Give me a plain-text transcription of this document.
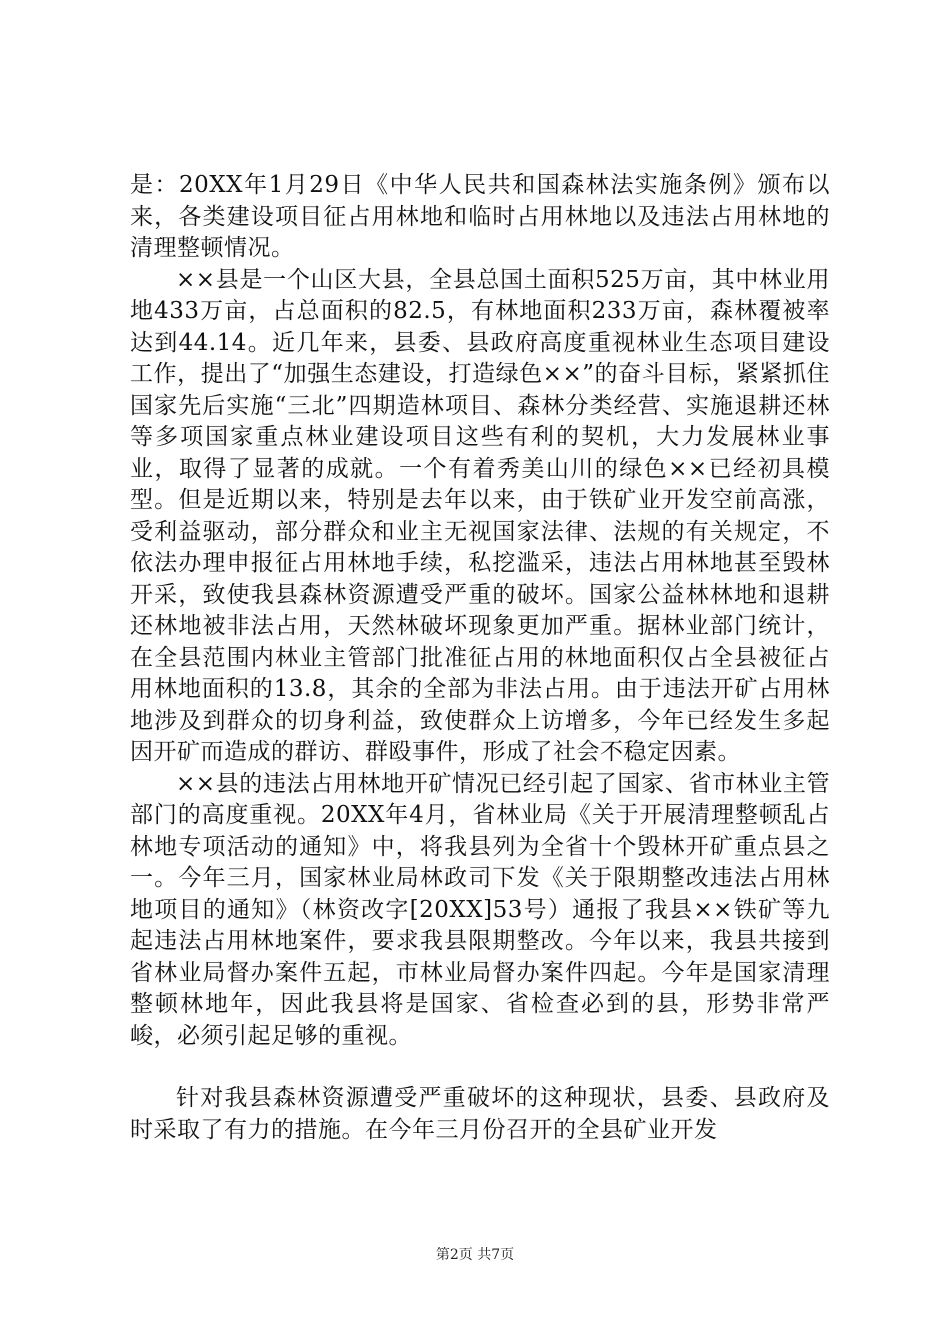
是：20XX年1月29日《中华人民共和国森林法实施条例》颁布以来，各类建设项目征占用林地和临时占用林地以及违法占用林地的清理整顿情况。

××县是一个山区大县，全县总国土面积525万亩，其中林业用地433万亩，占总面积的82.5，有林地面积233万亩，森林覆被率达到44.14。近几年来，县委、县政府高度重视林业生态项目建设工作，提出了“加强生态建设，打造绿色××”的奋斗目标，紧紧抓住国家先后实施“三北”四期造林项目、森林分类经营、实施退耕还林等多项国家重点林业建设项目这些有利的契机，大力发展林业事业，取得了显著的成就。一个有着秀美山川的绿色××已经初具模型。但是近期以来，特别是去年以来，由于铁矿业开发空前高涨，受利益驱动，部分群众和业主无视国家法律、法规的有关规定，不依法办理申报征占用林地手续，私挖滥采，违法占用林地甚至毁林开采，致使我县森林资源遭受严重的破坏。国家公益林林地和退耕还林地被非法占用，天然林破坏现象更加严重。据林业部门统计，在全县范围内林业主管部门批准征占用的林地面积仅占全县被征占用林地面积的13.8，其余的全部为非法占用。由于违法开矿占用林地涉及到群众的切身利益，致使群众上访增多，今年已经发生多起因开矿而造成的群访、群殴事件，形成了社会不稳定因素。

××县的违法占用林地开矿情况已经引起了国家、省市林业主管部门的高度重视。20XX年4月，省林业局《关于开展清理整顿乱占林地专项活动的通知》中，将我县列为全省十个毁林开矿重点县之一。今年三月，国家林业局林政司下发《关于限期整改违法占用林地项目的通知》（林资改字[20XX]53号）通报了我县××铁矿等九起违法占用林地案件，要求我县限期整改。今年以来，我县共接到省林业局督办案件五起，市林业局督办案件四起。今年是国家清理整顿林地年，因此我县将是国家、省检查必到的县，形势非常严峻，必须引起足够的重视。

针对我县森林资源遭受严重破坏的这种现状，县委、县政府及时采取了有力的措施。在今年三月份召开的全县矿业开发

第2页 共7页
